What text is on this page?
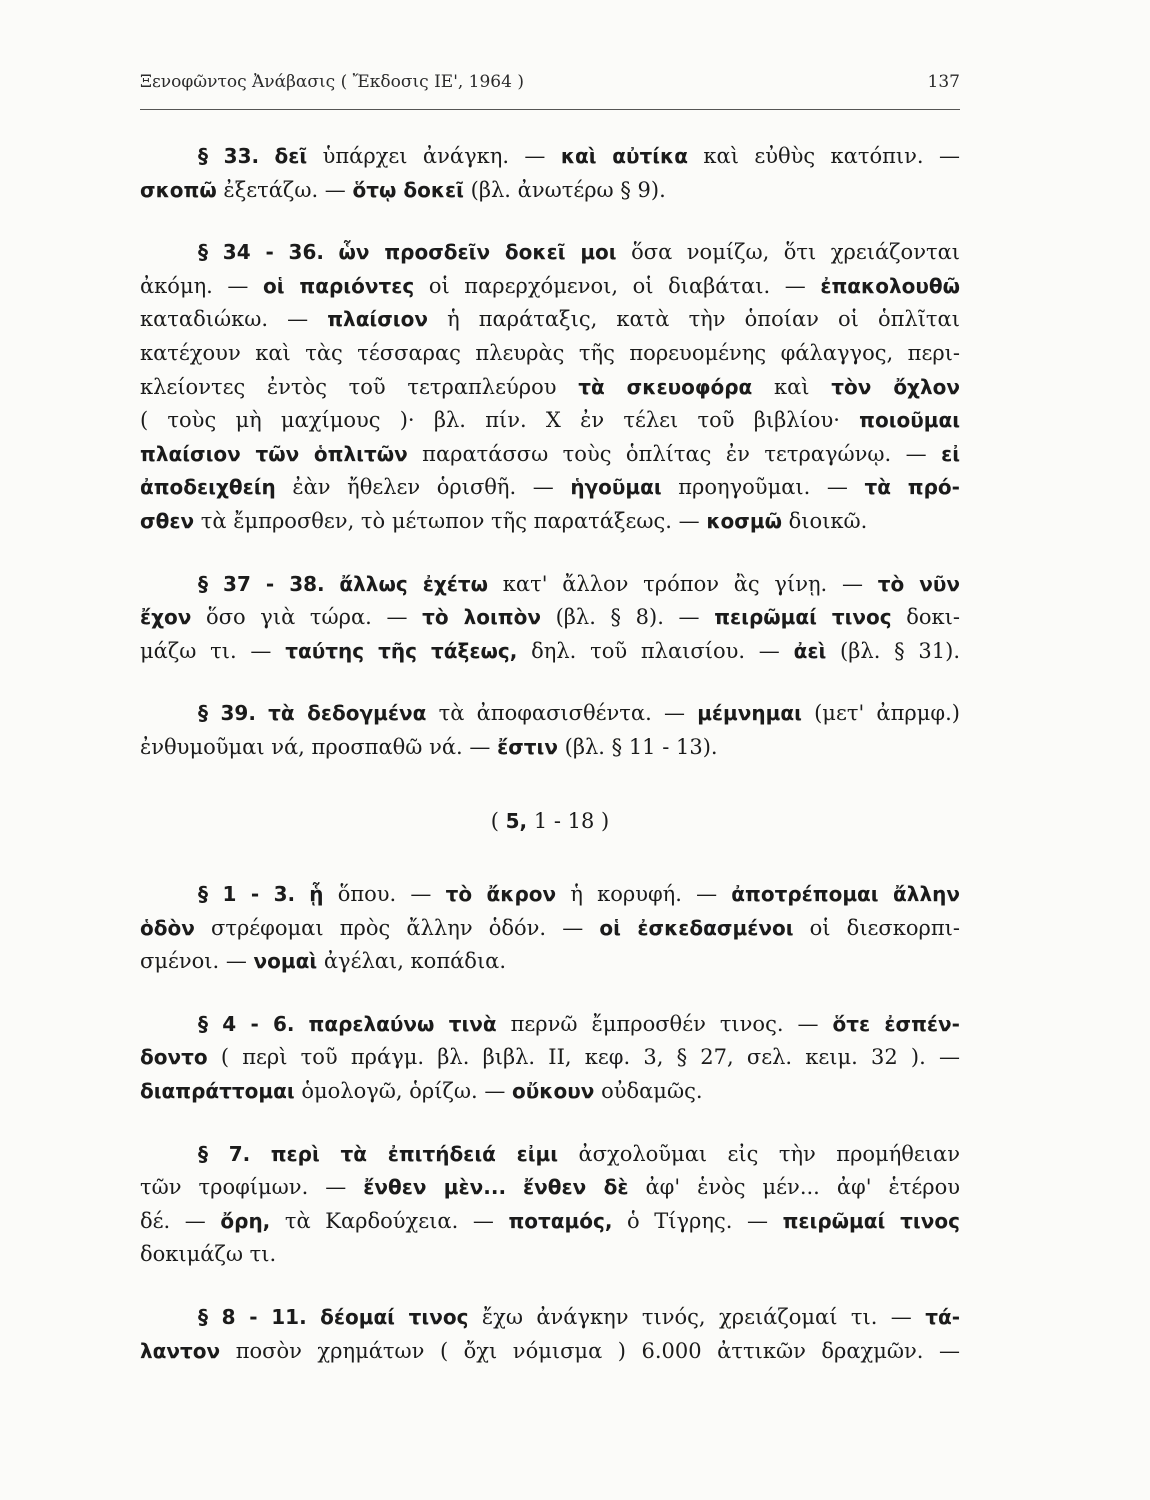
Ξενοφῶντος Ἀνάβασις ( Ἔκδοσις ΙΕ', 1964 )	137
§ 33. δεῖ ὑπάρχει ἀνάγκη. — καὶ αὐτίκα καὶ εὐθὺς κατόπιν. —
σκοπῶ ἐξετάζω. — ὅτῳ δοκεῖ (βλ. ἀνωτέρω § 9).
§ 34 - 36. ὧν προσδεῖν δοκεῖ μοι ὅσα νομίζω, ὅτι χρειάζονται
ἀκόμη. — οἱ παριόντες οἱ παρερχόμενοι, οἱ διαβάται. — ἐπακολουθῶ
καταδιώκω. — πλαίσιον ἡ παράταξις, κατὰ τὴν ὁποίαν οἱ ὁπλῖται
κατέχουν καὶ τὰς τέσσαρας πλευρὰς τῆς πορευομένης φάλαγγος, περι-
κλείοντες ἐντὸς τοῦ τετραπλεύρου τὰ σκευοφόρα καὶ τὸν ὄχλον
( τοὺς μὴ μαχίμους )· βλ. πίν. Χ ἐν τέλει τοῦ βιβλίου· ποιοῦμαι
πλαίσιον τῶν ὁπλιτῶν παρατάσσω τοὺς ὁπλίτας ἐν τετραγώνῳ. — εἰ
ἀποδειχθείη ἐὰν ἤθελεν ὁρισθῆ. — ἡγοῦμαι προηγοῦμαι. — τὰ πρό-
σθεν τὰ ἔμπροσθεν, τὸ μέτωπον τῆς παρατάξεως. — κοσμῶ διοικῶ.
§ 37 - 38. ἄλλως ἐχέτω κατ' ἄλλον τρόπον ἂς γίνῃ. — τὸ νῦν
ἔχον ὅσο γιὰ τώρα. — τὸ λοιπὸν (βλ. § 8). — πειρῶμαί τινος δοκι-
μάζω τι. — ταύτης τῆς τάξεως, δηλ. τοῦ πλαισίου. — ἀεὶ (βλ. § 31).
§ 39. τὰ δεδογμένα τὰ ἀποφασισθέντα. — μέμνημαι (μετ' ἀπρμφ.)
ἐνθυμοῦμαι νά, προσπαθῶ νά. — ἔστιν (βλ. § 11 - 13).
( 5, 1 - 18 )
§ 1 - 3. ᾗ ὅπου. — τὸ ἄκρον ἡ κορυφή. — ἀποτρέπομαι ἄλλην
ὁδὸν στρέφομαι πρὸς ἄλλην ὁδόν. — οἱ ἐσκεδασμένοι οἱ διεσκορπι-
σμένοι. — νομαὶ ἀγέλαι, κοπάδια.
§ 4 - 6. παρελαύνω τινὰ περνῶ ἔμπροσθέν τινος. — ὅτε ἐσπέν-
δοντο ( περὶ τοῦ πράγμ. βλ. βιβλ. ΙΙ, κεφ. 3, § 27, σελ. κειμ. 32 ). —
διαπράττομαι ὁμολογῶ, ὁρίζω. — οὔκουν οὐδαμῶς.
§ 7. περὶ τὰ ἐπιτήδειά εἰμι ἀσχολοῦμαι εἰς τὴν προμήθειαν
τῶν τροφίμων. — ἔνθεν μὲν... ἔνθεν δὲ ἀφ' ἑνὸς μέν... ἀφ' ἑτέρου
δέ. — ὄρη, τὰ Καρδούχεια. — ποταμός, ὁ Τίγρης. — πειρῶμαί τινος
δοκιμάζω τι.
§ 8 - 11. δέομαί τινος ἔχω ἀνάγκην τινός, χρειάζομαί τι. — τά-
λαντον ποσὸν χρημάτων ( ὄχι νόμισμα ) 6.000 ἀττικῶν δραχμῶν. —
